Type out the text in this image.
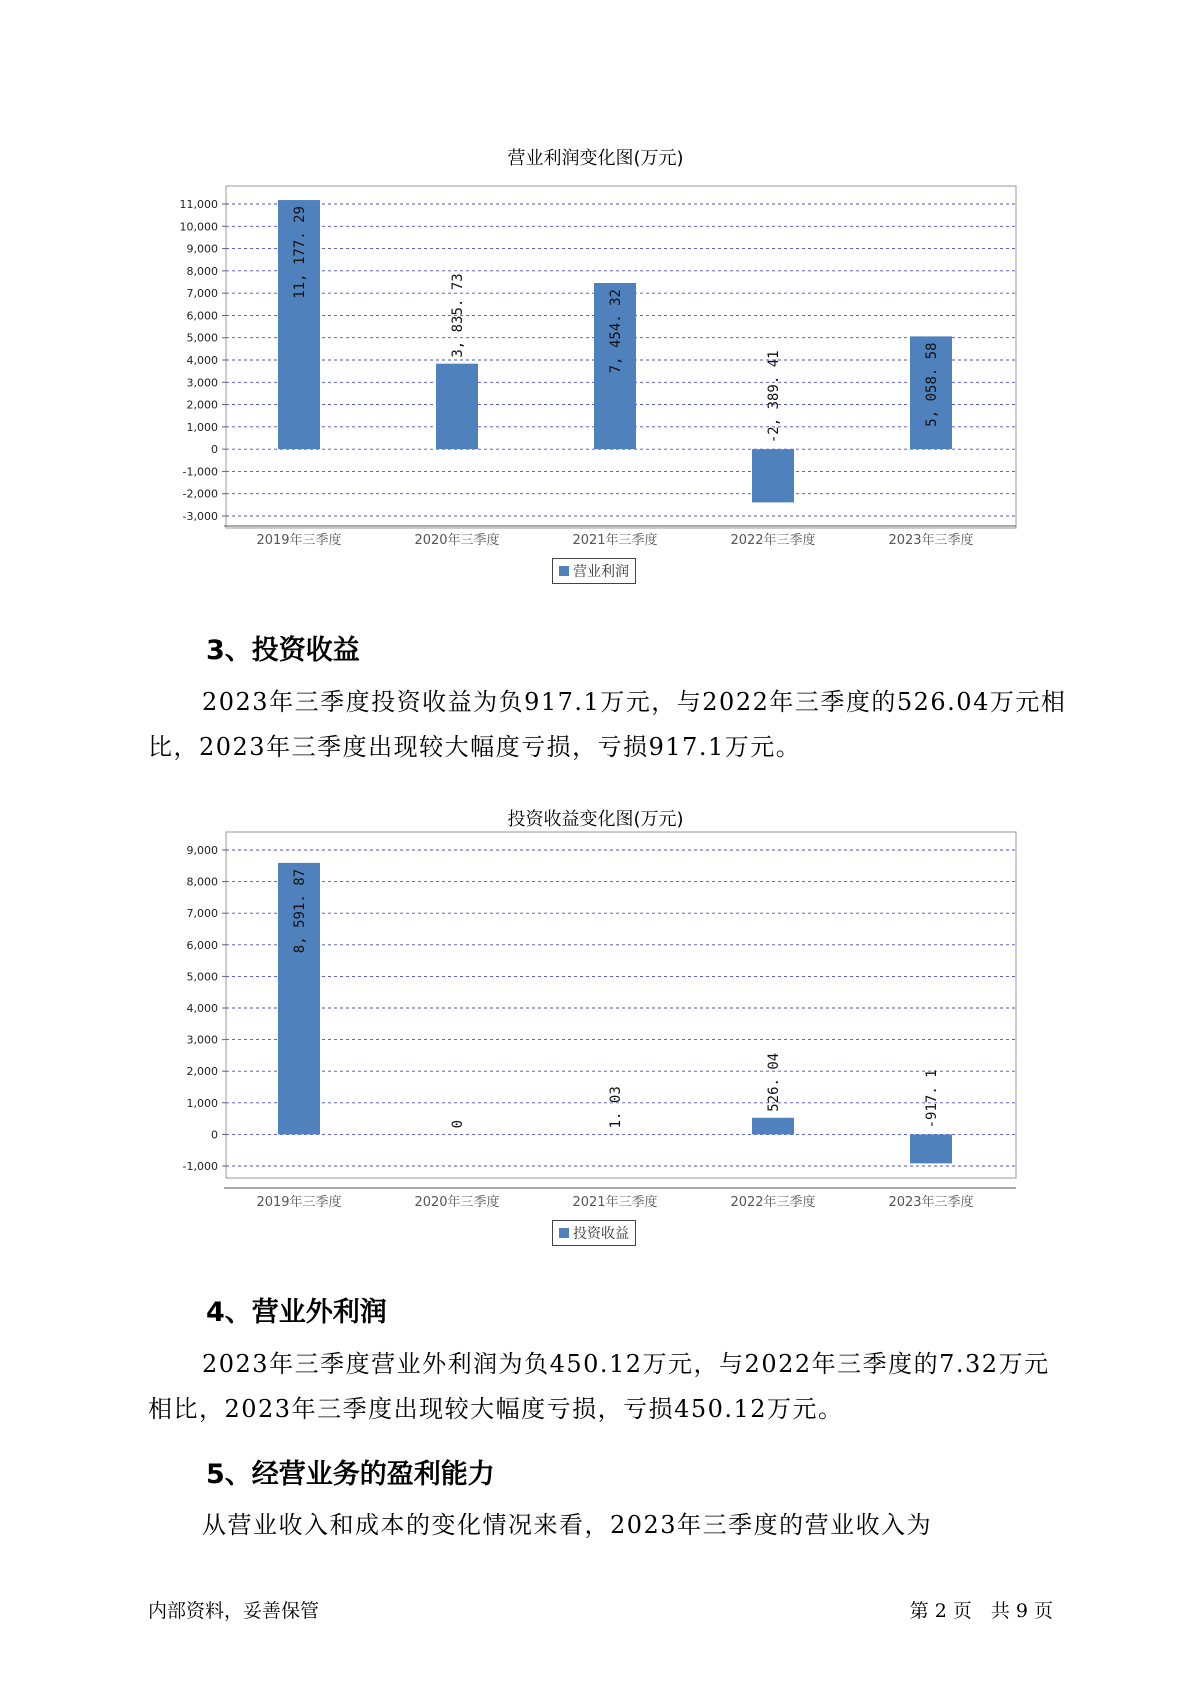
营业利润变化图(万元)
11,000
10,000
9,000
8,000
7,000
6,000
5,000
4,000
3,000
2,000
1,000
0
-1,000
-2,000
-3,000
11, 177. 29
2019年三季度
3, 835. 73
2020年三季度
7, 454. 32
2021年三季度
-2, 389. 41
2022年三季度
5, 058. 58
2023年三季度
营业利润
3、投资收益

2023年三季度投资收益为负917.1万元，与2022年三季度的526.04万元相比，2023年三季度出现较大幅度亏损，亏损917.1万元。

投资收益变化图(万元)
9,000
8,000
7,000
6,000
5,000
4,000
3,000
2,000
1,000
0
-1,000
8, 591. 87
2019年三季度
0
2020年三季度
1. 03
2021年三季度
526. 04
2022年三季度
-917. 1
2023年三季度
投资收益
4、营业外利润

2023年三季度营业外利润为负450.12万元，与2022年三季度的7.32万元相比，2023年三季度出现较大幅度亏损，亏损450.12万元。

5、经营业务的盈利能力

从营业收入和成本的变化情况来看，2023年三季度的营业收入为

内部资料，妥善保管	第 2 页　共 9 页
